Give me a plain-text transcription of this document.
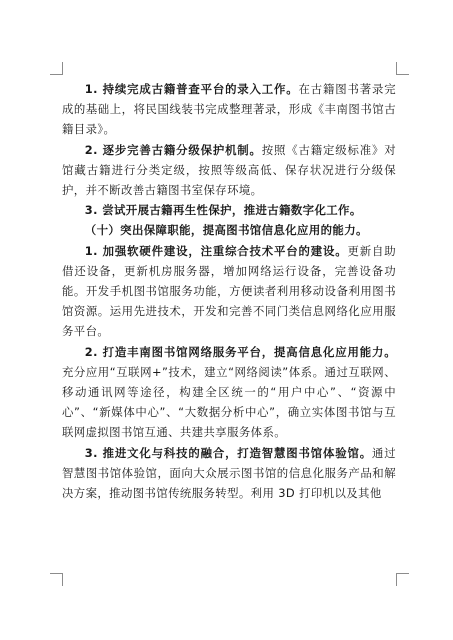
1. 持续完成古籍普查平台的录入工作。在古籍图书著录完成的基础上，将民国线装书完成整理著录，形成《丰南图书馆古籍目录》。

2. 逐步完善古籍分级保护机制。按照《古籍定级标准》对馆藏古籍进行分类定级，按照等级高低、保存状况进行分级保护，并不断改善古籍图书室保存环境。

3. 尝试开展古籍再生性保护，推进古籍数字化工作。

（十）突出保障职能，提高图书馆信息化应用的能力。

1. 加强软硬件建设，注重综合技术平台的建设。更新自助借还设备，更新机房服务器，增加网络运行设备，完善设备功能。开发手机图书馆服务功能，方便读者利用移动设备利用图书馆资源。运用先进技术，开发和完善不同门类信息网络化应用服务平台。

2. 打造丰南图书馆网络服务平台，提高信息化应用能力。充分应用“互联网+”技术，建立“网络阅读”体系。通过互联网、移动通讯网等途径，构建全区统一的“用户中心”、“资源中心”、“新媒体中心”、“大数据分析中心”，确立实体图书馆与互联网虚拟图书馆互通、共建共享服务体系。

3. 推进文化与科技的融合，打造智慧图书馆体验馆。通过智慧图书馆体验馆，面向大众展示图书馆的信息化服务产品和解决方案，推动图书馆传统服务转型。利用 3D 打印机以及其他
